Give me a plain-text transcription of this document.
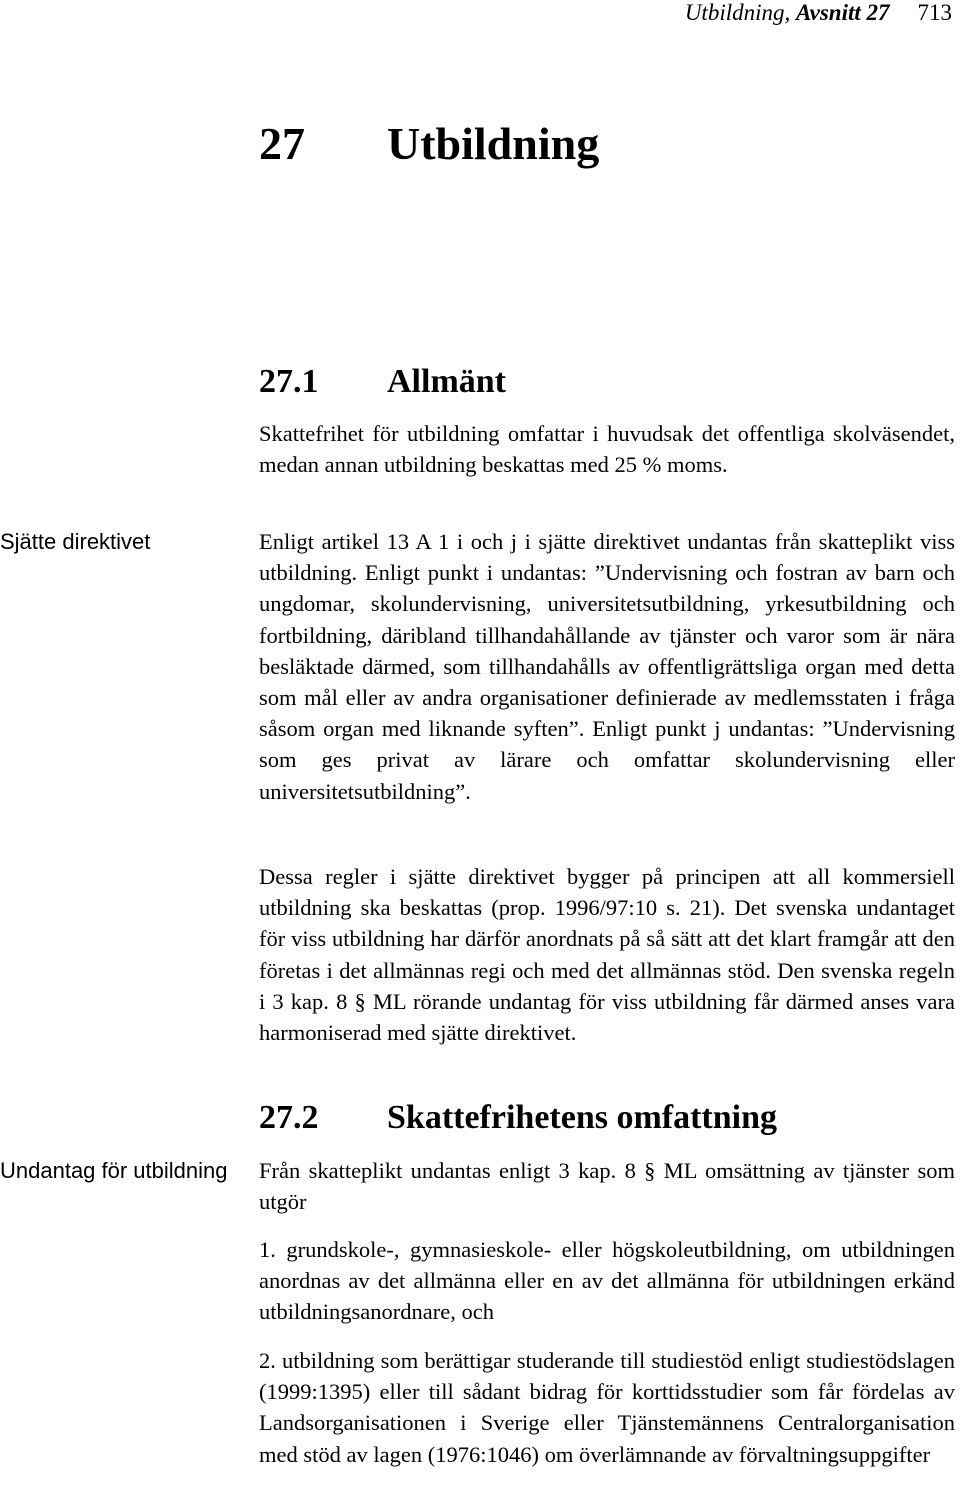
Utbildning, Avsnitt 27 713
27 Utbildning
27.1 Allmänt

Skattefrihet för utbildning omfattar i huvudsak det offentliga skolväsendet, medan annan utbildning beskattas med 25 % moms.

Sjätte direktivet	Enligt artikel 13 A 1 i och j i sjätte direktivet undantas från skatteplikt viss utbildning. Enligt punkt i undantas: ”Undervisning och fostran av barn och ungdomar, skolundervisning, universitetsutbildning, yrkesutbildning och fortbildning, däribland tillhandahållande av tjänster och varor som är nära besläktade därmed, som tillhandahålls av offentligrättsliga organ med detta som mål eller av andra organisationer definierade av medlemsstaten i fråga såsom organ med liknande syften”. Enligt punkt j undantas: ”Undervisning som ges privat av lärare och omfattar skolundervisning eller universitetsutbildning”.

Dessa regler i sjätte direktivet bygger på principen att all kommersiell utbildning ska beskattas (prop. 1996/97:10 s. 21). Det svenska undantaget för viss utbildning har därför anordnats på så sätt att det klart framgår att den företas i det allmännas regi och med det allmännas stöd. Den svenska regeln i 3 kap. 8 § ML rörande undantag för viss utbildning får därmed anses vara harmoniserad med sjätte direktivet.

27.2 Skattefrihetens omfattning
Undantag för utbildning	Från skatteplikt undantas enligt 3 kap. 8 § ML omsättning av tjänster som utgör

1. grundskole-, gymnasieskole- eller högskoleutbildning, om utbildningen anordnas av det allmänna eller en av det allmänna för utbildningen erkänd utbildningsanordnare, och

2. utbildning som berättigar studerande till studiestöd enligt studiestödslagen (1999:1395) eller till sådant bidrag för korttidsstudier som får fördelas av Landsorganisationen i Sverige eller Tjänstemännens Centralorganisation med stöd av lagen (1976:1046) om överlämnande av förvaltningsuppgifter
